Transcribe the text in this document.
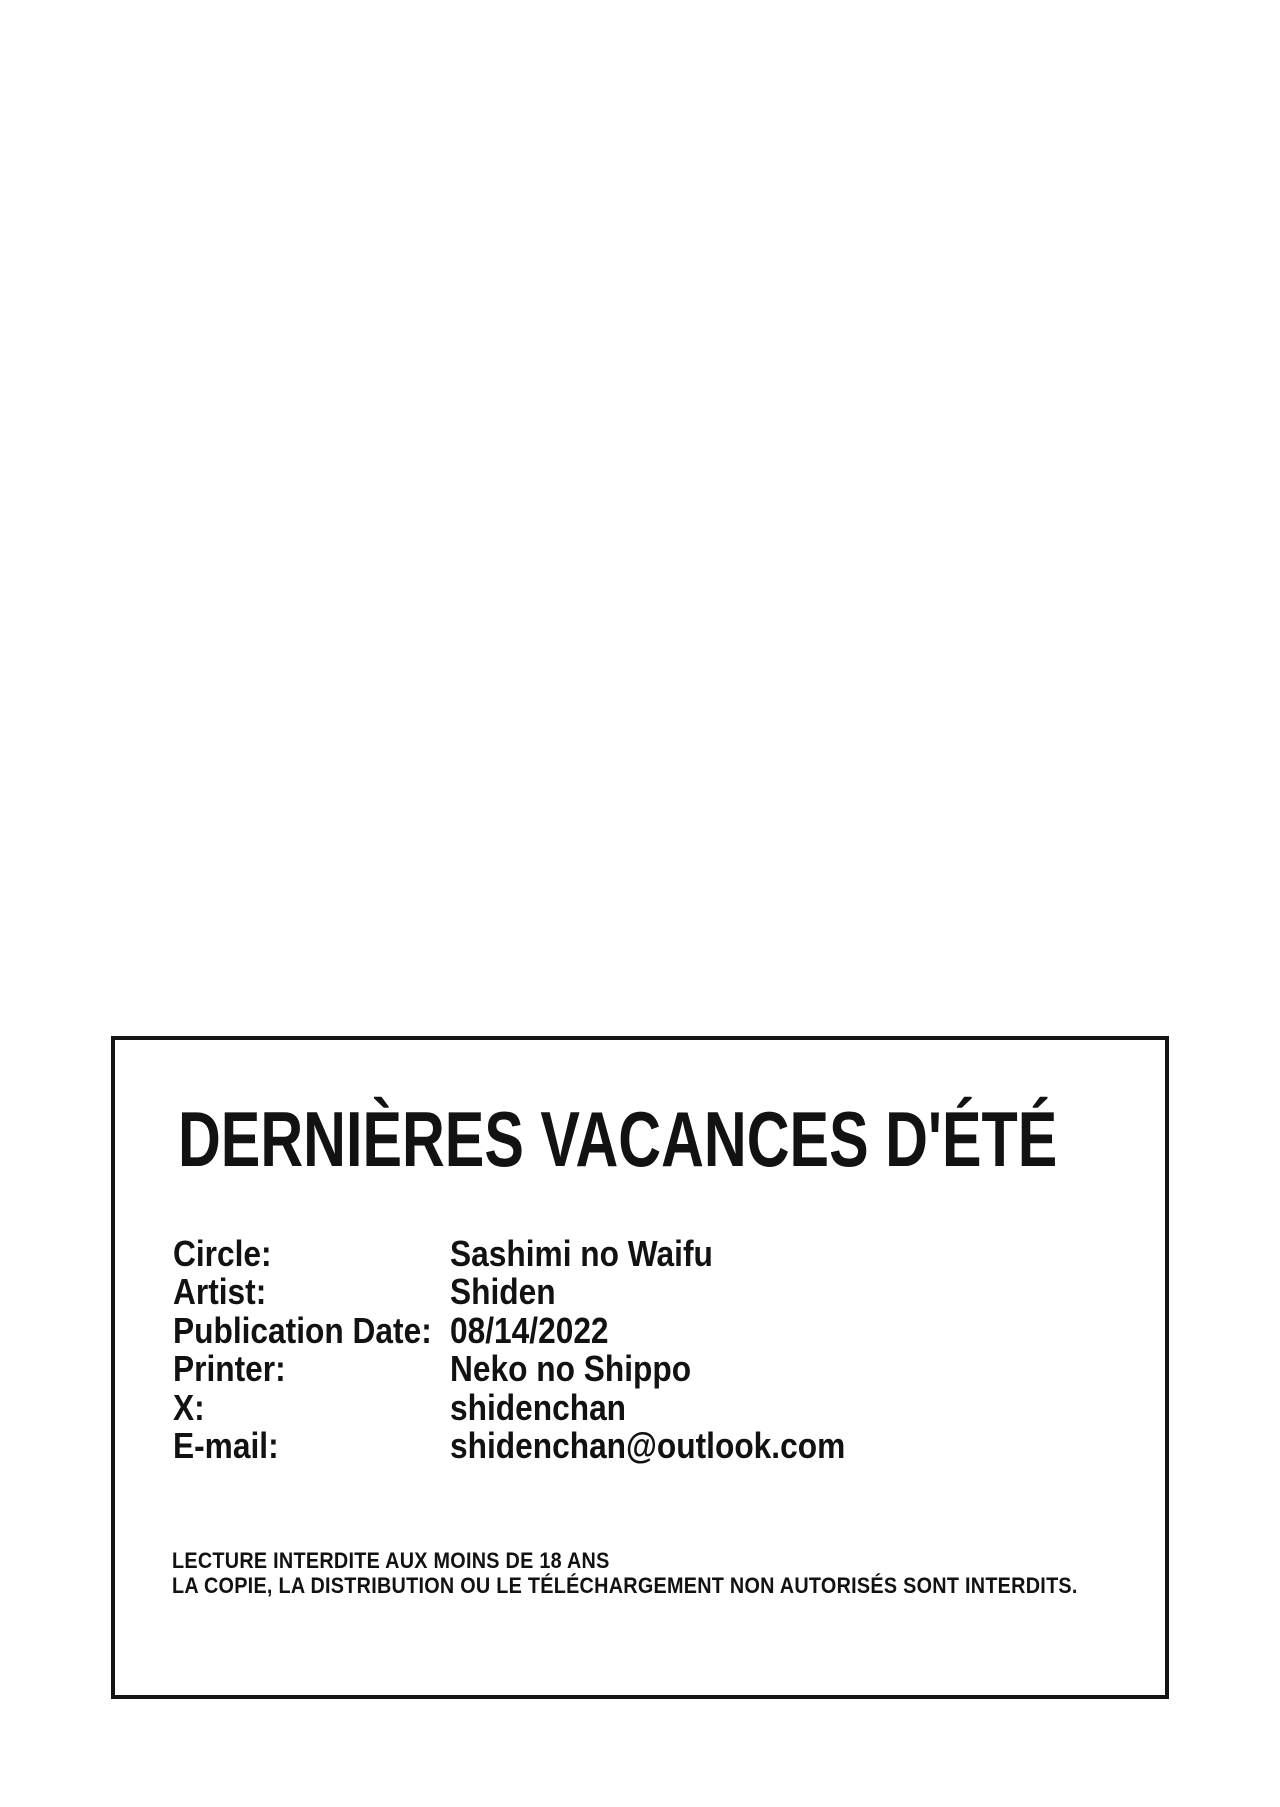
DERNIÈRES VACANCES D'ÉTÉ
Circle:	Sashimi no Waifu
Artist:	Shiden
Publication Date: 08/14/2022
Printer:	Neko no Shippo
X:	shidenchan
E-mail:	shidenchan@outlook.com
LECTURE INTERDITE AUX MOINS DE 18 ANS
LA COPIE, LA DISTRIBUTION OU LE TÉLÉCHARGEMENT NON AUTORISÉS SONT INTERDITS.
